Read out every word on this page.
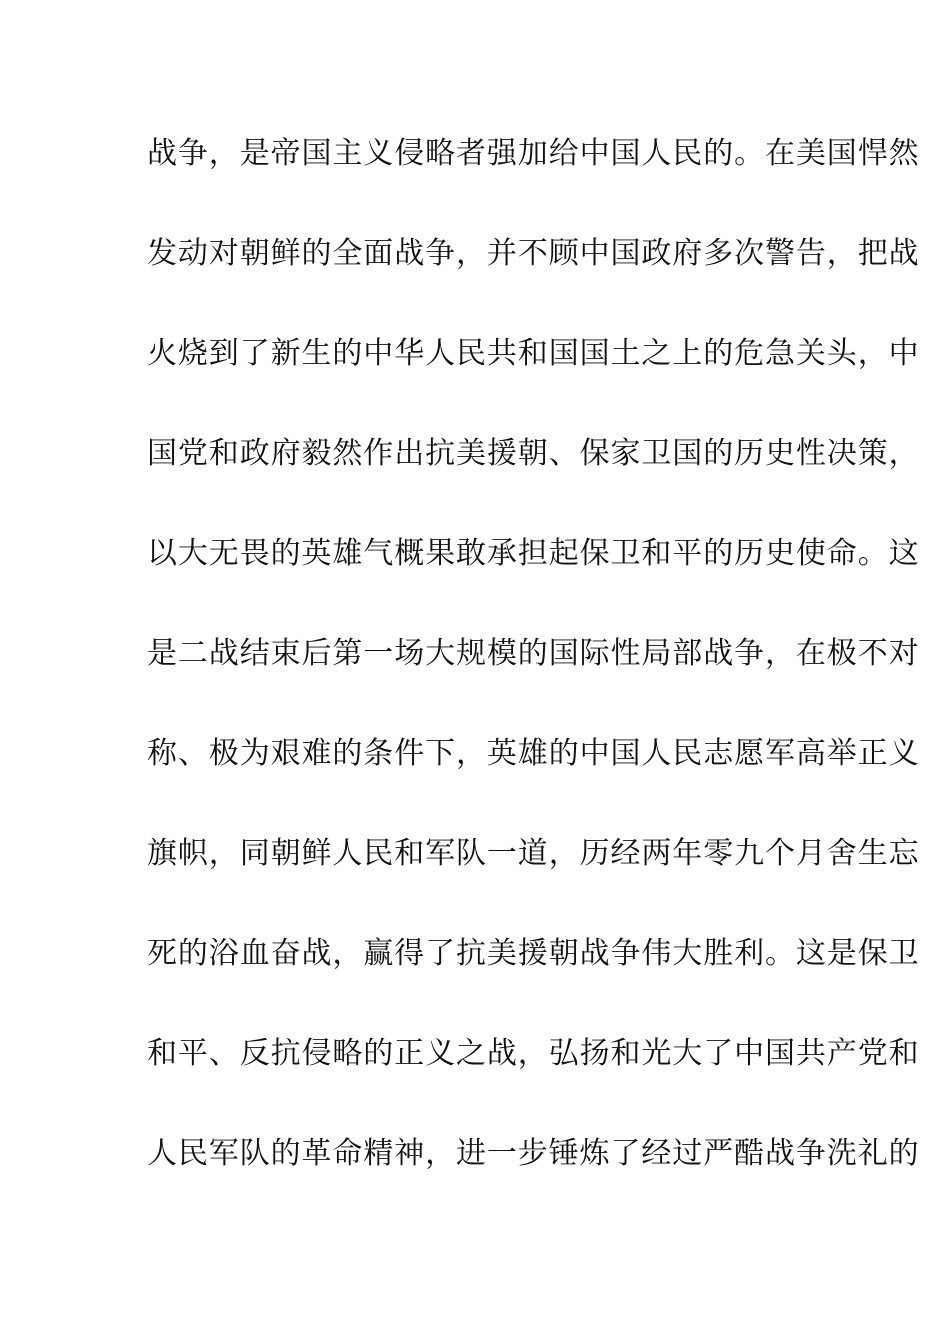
战争，是帝国主义侵略者强加给中国人民的。在美国悍然
发动对朝鲜的全面战争，并不顾中国政府多次警告，把战
火烧到了新生的中华人民共和国国土之上的危急关头，中
国党和政府毅然作出抗美援朝、保家卫国的历史性决策，
以大无畏的英雄气概果敢承担起保卫和平的历史使命。这
是二战结束后第一场大规模的国际性局部战争，在极不对
称、极为艰难的条件下，英雄的中国人民志愿军高举正义
旗帜，同朝鲜人民和军队一道，历经两年零九个月舍生忘
死的浴血奋战，赢得了抗美援朝战争伟大胜利。这是保卫
和平、反抗侵略的正义之战，弘扬和光大了中国共产党和
人民军队的革命精神，进一步锤炼了经过严酷战争洗礼的
